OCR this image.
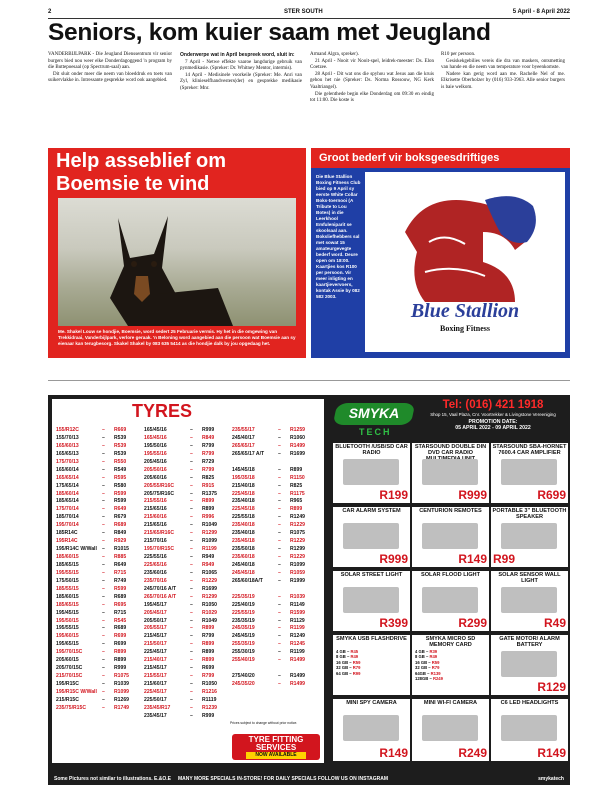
2	STER SOUTH	5 April - 8 April 2022
Seniors, kom kuier saam met Jeugland

VANDERBIJLPARK - Die Jeugland Dienssentrum vir senior burgers bied nou weer elke Donderdagoggend 'n program by die Buttepoesaal (op Spectrum-saal) aan.

Dit sluit onder meer die neem van bloeddruk en toets van suikervlakke in. Intressante gesprekke word ook aangebied.

Onderwerpe wat in April bespreek word, sluit in:

7 April - Netwe effekte vaaroe langdurige gebruik van pynmedikasie. (Spreker: Dr. Whitney Mentor, intermis).

14 April - Medisinele voorkeile (Spreker: Me. Anri van Zyl, klinieselfhandvesters(der) en gesprekke medikasie (Spreker: Mnr.

Armand Algra, spreker).

21 April - Nooit vir Nooit-spel, leidrek-meester: Ds. Elon Coetzee.

28 April - Dit wat ons die spyhou wat Jesus aan die kruis gehou het nie (Spreker: Ds. Norma Rossouw, NG Kerk Vaaltriangel).

Die gelenthede begin elke Donderdag om 09:30 en eindig tot 11:00. Die koste is

R10 per persoon.

Gesiskekgebilies vereis die dra van maskers, ontsmetting van hande en die neem van temperature voor byeenkomste.

Nadere kan gerig word aan me. Rachelle Nel of me. Elkrisette Oberholzer by (016) 933-3963. Alle senior burgers is baie welkom.

Help asseblief om Boemsie te vind
Me. Shakel Louw se hondjie, Boemsie, word sedert 25 Februarie vermis. Hy het in die omgewing van Trekkidraai, Vanderbijlpark, verlore geraak. 'n Beloning word aangebied aan die persoon wat Boemsie aan sy eienaar kan terugbesorg. Skakel Shakel by 083 635 5414 as die hondjie dalk by jou opgedaag het.
Groot bederf vir boksgeesdriftiges
Die Blue Stallion Boxing Fitness Club bied op 9 April sy eerste White Collar Boks-toernooi (A Tribute to Lou Botes) in die Leerkhool Emfuleniparit se skoolsaal aan. Boksliefhebbers sal met sowat 15 amateurgevegte bederf word. Deure open om 18:00. Kaartjies kos R100 per persoon. Vir meer inligting en kaartjievervoers, kontak Assie by 082 582 2003.
Blue Stallion
Boxing Fitness
TYRES
155/R12C	– R669
155/70/13	– R539
165/60/13	– R539
165/65/13	– R539
175/70/13	– R550
165/60/14	– R549
165/65/14	– R595
175/65/14	– R580
185/60/14	– R599
185/65/14	– R599
175/70/14	– R649
185/70/14	– R679
195/70/14	– R689
185R14C	– R849
195R14C	– R929
195/R14C W/Wall – R1015
185/60/15	– R885
185/65/15	– R649
195/55/15	– R715
175/50/15	– R749
185/55/15	– R599
185/60/15	– R689
185/65/15	– R695
195/45/15	– R715
195/50/15	– R545
195/55/15	– R689
195/60/15	– R699
195/65/15	– R699
195/70/15C	– R899
205/60/15	– R899
205/70/15C	– R999
215/70/15C	– R1075
195/R15C	– R1039
195/R15C W/Wall – R1099
215/R15C	– R1269
235/75/R15C	– R1749
165/45/16	– R999
165/45/16	– R849
195/50/16	– R799
195/55/16	– R799
205/45/16	– R729
205/50/16	– R799
205/60/16	– R825
205/55/R16C	– R915
205/75/R16C	– R1375
215/55/16	– R899
215/65/16	– R899
215/60/16	– R996
215/65/16	– R1049
215/65/R16C	– R1299
215/70/16	– R1099
195/70/R15C	– R1199
225/55/16	– R949
225/65/16	– R949
235/60/16	– R1065
235/70/16	– R1229
245/70/16 A/T	– R1699
265/70/16 A/T	– R1299
195/45/17	– R1050
205/45/17	– R1029
205/50/17	– R1049
205/55/17	– R899
215/45/17	– R799
215/50/17	– R899
225/45/17	– R899
215/40/17	– R899
215/45/17	– R699
215/55/17	– R799
215/60/17	– R1050
225/45/17	– R1216
225/50/17	– R1119
235/45/R17	– R1239
235/45/17	– R999
235/55/17	– R1259
245/40/17	– R1060
265/65/17	– R1499
265/65/17 A/T	– R1699
145/45/18	– R899
195/35/18	– R1150
215/40/18	– R825
225/45/18	– R1175
235/40/18	– R965
225/45/18	– R899
225/55/18	– R1249
235/40/18	– R1229
235/40/18	– R1075
235/45/18	– R1229
235/50/18	– R1299
235/60/18	– R1229
245/40/18	– R1099
245/45/18	– R1059
265/60/18A/T	– R1999
225/35/19	– R1039
225/40/19	– R1149
225/55/19	– R1599
235/35/19	– R1129
245/35/19	– R1199
245/45/19	– R1249
255/35/19	– R1245
255/30/19	– R1199
255/40/19	– R1499
275/40/20	– R1499
245/35/20	– R1499
Prices subject to change without prior notice.
TYRE FITTING
SERVICES
NOW AVAILABLE
SMYKA
TECH
Tel: (016) 421 1918
Shop 15, Vaal Plaza, Cnr. Voortrekker & Livingstone Vereeniging
PROMOTION DATE:
05 APRIL 2022 - 09 APRIL 2022
BLUETOOTH /USB/SD CAR RADIO
R199
STARSOUND DOUBLE DIN DVD CAR RADIO
R999
STARSOUND SBA-HORNET 7600.4 CAR AMPLIFIER
R699
CAR ALARM SYSTEM
R999
CENTURION REMOTES
R149
PORTABLE 3" BLUETOOTH SPEAKER
R99
SOLAR STREET LIGHT
R399
SOLAR FLOOD LIGHT
R299
SOLAR SENSOR WALL LIGHT
R49
SMYKA USB FLASHDRIVE
4 GB – R45
8 GB – R49
16 GB – R59
32 GB – R79
64 GB – R99
SMYKA MICRO SD MEMORY CARD
4 GB – R39
8 GB – R49
16 GB – R59
32 GB – R79
64GB – R139
128GB – R249
GATE MOTOR/ ALARM BATTERY
R129
MINI SPY CAMERA
R149
MINI WI-FI CAMERA
R249
C6 LED HEADLIGHTS
R149
Some Pictures not similar to illustrations. E.&O.E MANY MORE SPECIALS IN-STORE! FOR DAILY SPECIALS FOLLOW US ON INSTAGRAM	smykatech
